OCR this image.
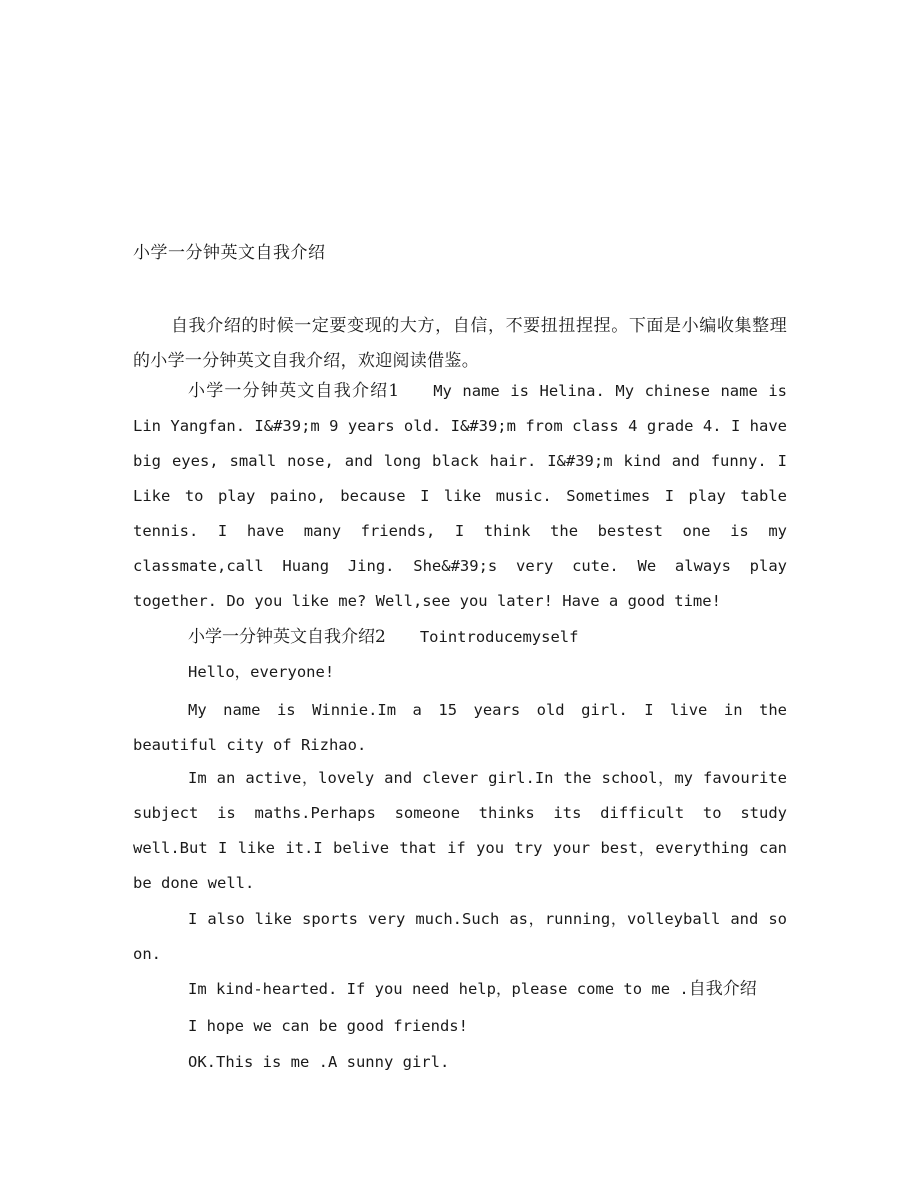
小学一分钟英文自我介绍
自我介绍的时候一定要变现的大方，自信，不要扭扭捏捏。下面是小编收集整理的小学一分钟英文自我介绍，欢迎阅读借鉴。
小学一分钟英文自我介绍1 My name is Helina. My chinese name is Lin Yangfan. I&#39;m 9 years old. I&#39;m from class 4 grade 4. I have big eyes, small nose, and long black hair. I&#39;m kind and funny. I Like to play paino, because I like music. Sometimes I play table tennis. I have many friends, I think the bestest one is my classmate,call Huang Jing. She&#39;s very cute. We always play together. Do you like me? Well,see you later! Have a good time!
小学一分钟英文自我介绍2 Tointroducemyself
Hello，everyone!
My name is Winnie.Im a 15 years old girl. I live in the beautiful city of Rizhao.
Im an active，lovely and clever girl.In the school，my favourite subject is maths.Perhaps someone thinks its difficult to study well.But I like it.I belive that if you try your best，everything can be done well.
I also like sports very much.Such as，running，volleyball and so on.
Im kind-hearted. If you need help，please come to me .自我介绍
I hope we can be good friends!
OK.This is me .A sunny girl.
